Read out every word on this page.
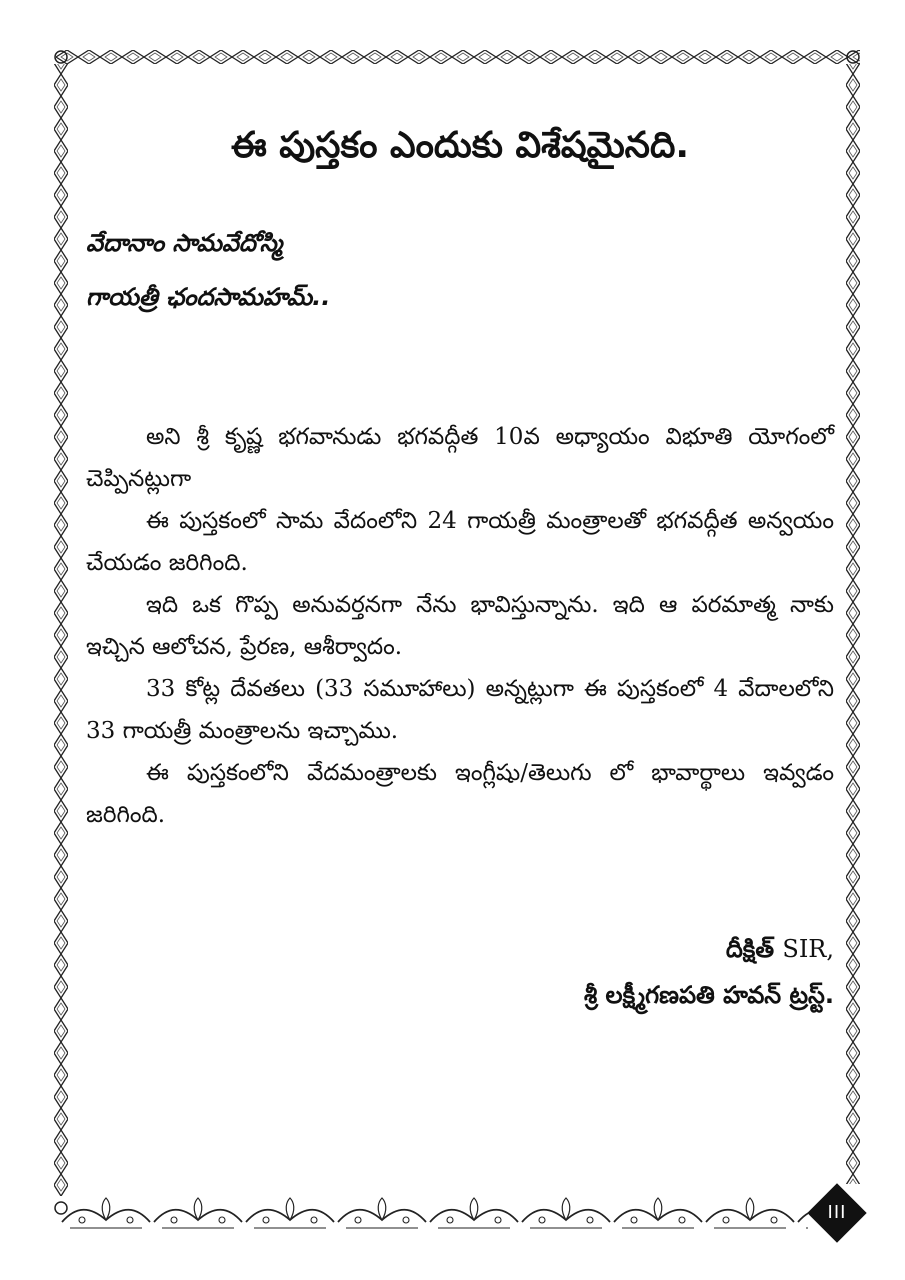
ఈ పుస్తకం ఎందుకు విశేషమైనది.
వేదానాం సామవేదోస్మి
గాయత్రీ ఛందసామహమ్..

అని శ్రీ కృష్ణ భగవానుడు భగవద్గీత 10వ అధ్యాయం విభూతి యోగంలో చెప్పినట్లుగా

ఈ పుస్తకంలో సామ వేదంలోని 24 గాయత్రీ మంత్రాలతో భగవద్గీత అన్వయం చేయడం జరిగింది.

ఇది ఒక గొప్ప అనువర్తనగా నేను భావిస్తున్నాను. ఇది ఆ పరమాత్మ నాకు ఇచ్చిన ఆలోచన, ప్రేరణ, ఆశీర్వాదం.

33 కోట్ల దేవతలు (33 సమూహాలు) అన్నట్లుగా ఈ పుస్తకంలో 4 వేదాలలోని 33 గాయత్రీ మంత్రాలను ఇచ్చాము.

ఈ పుస్తకంలోని వేదమంత్రాలకు ఇంగ్లీషు/తెలుగు లో భావార్థాలు ఇవ్వడం జరిగింది.

దీక్షిత్ SIR,
శ్రీ లక్ష్మీగణపతి హవన్ ట్రస్ట్.
III
